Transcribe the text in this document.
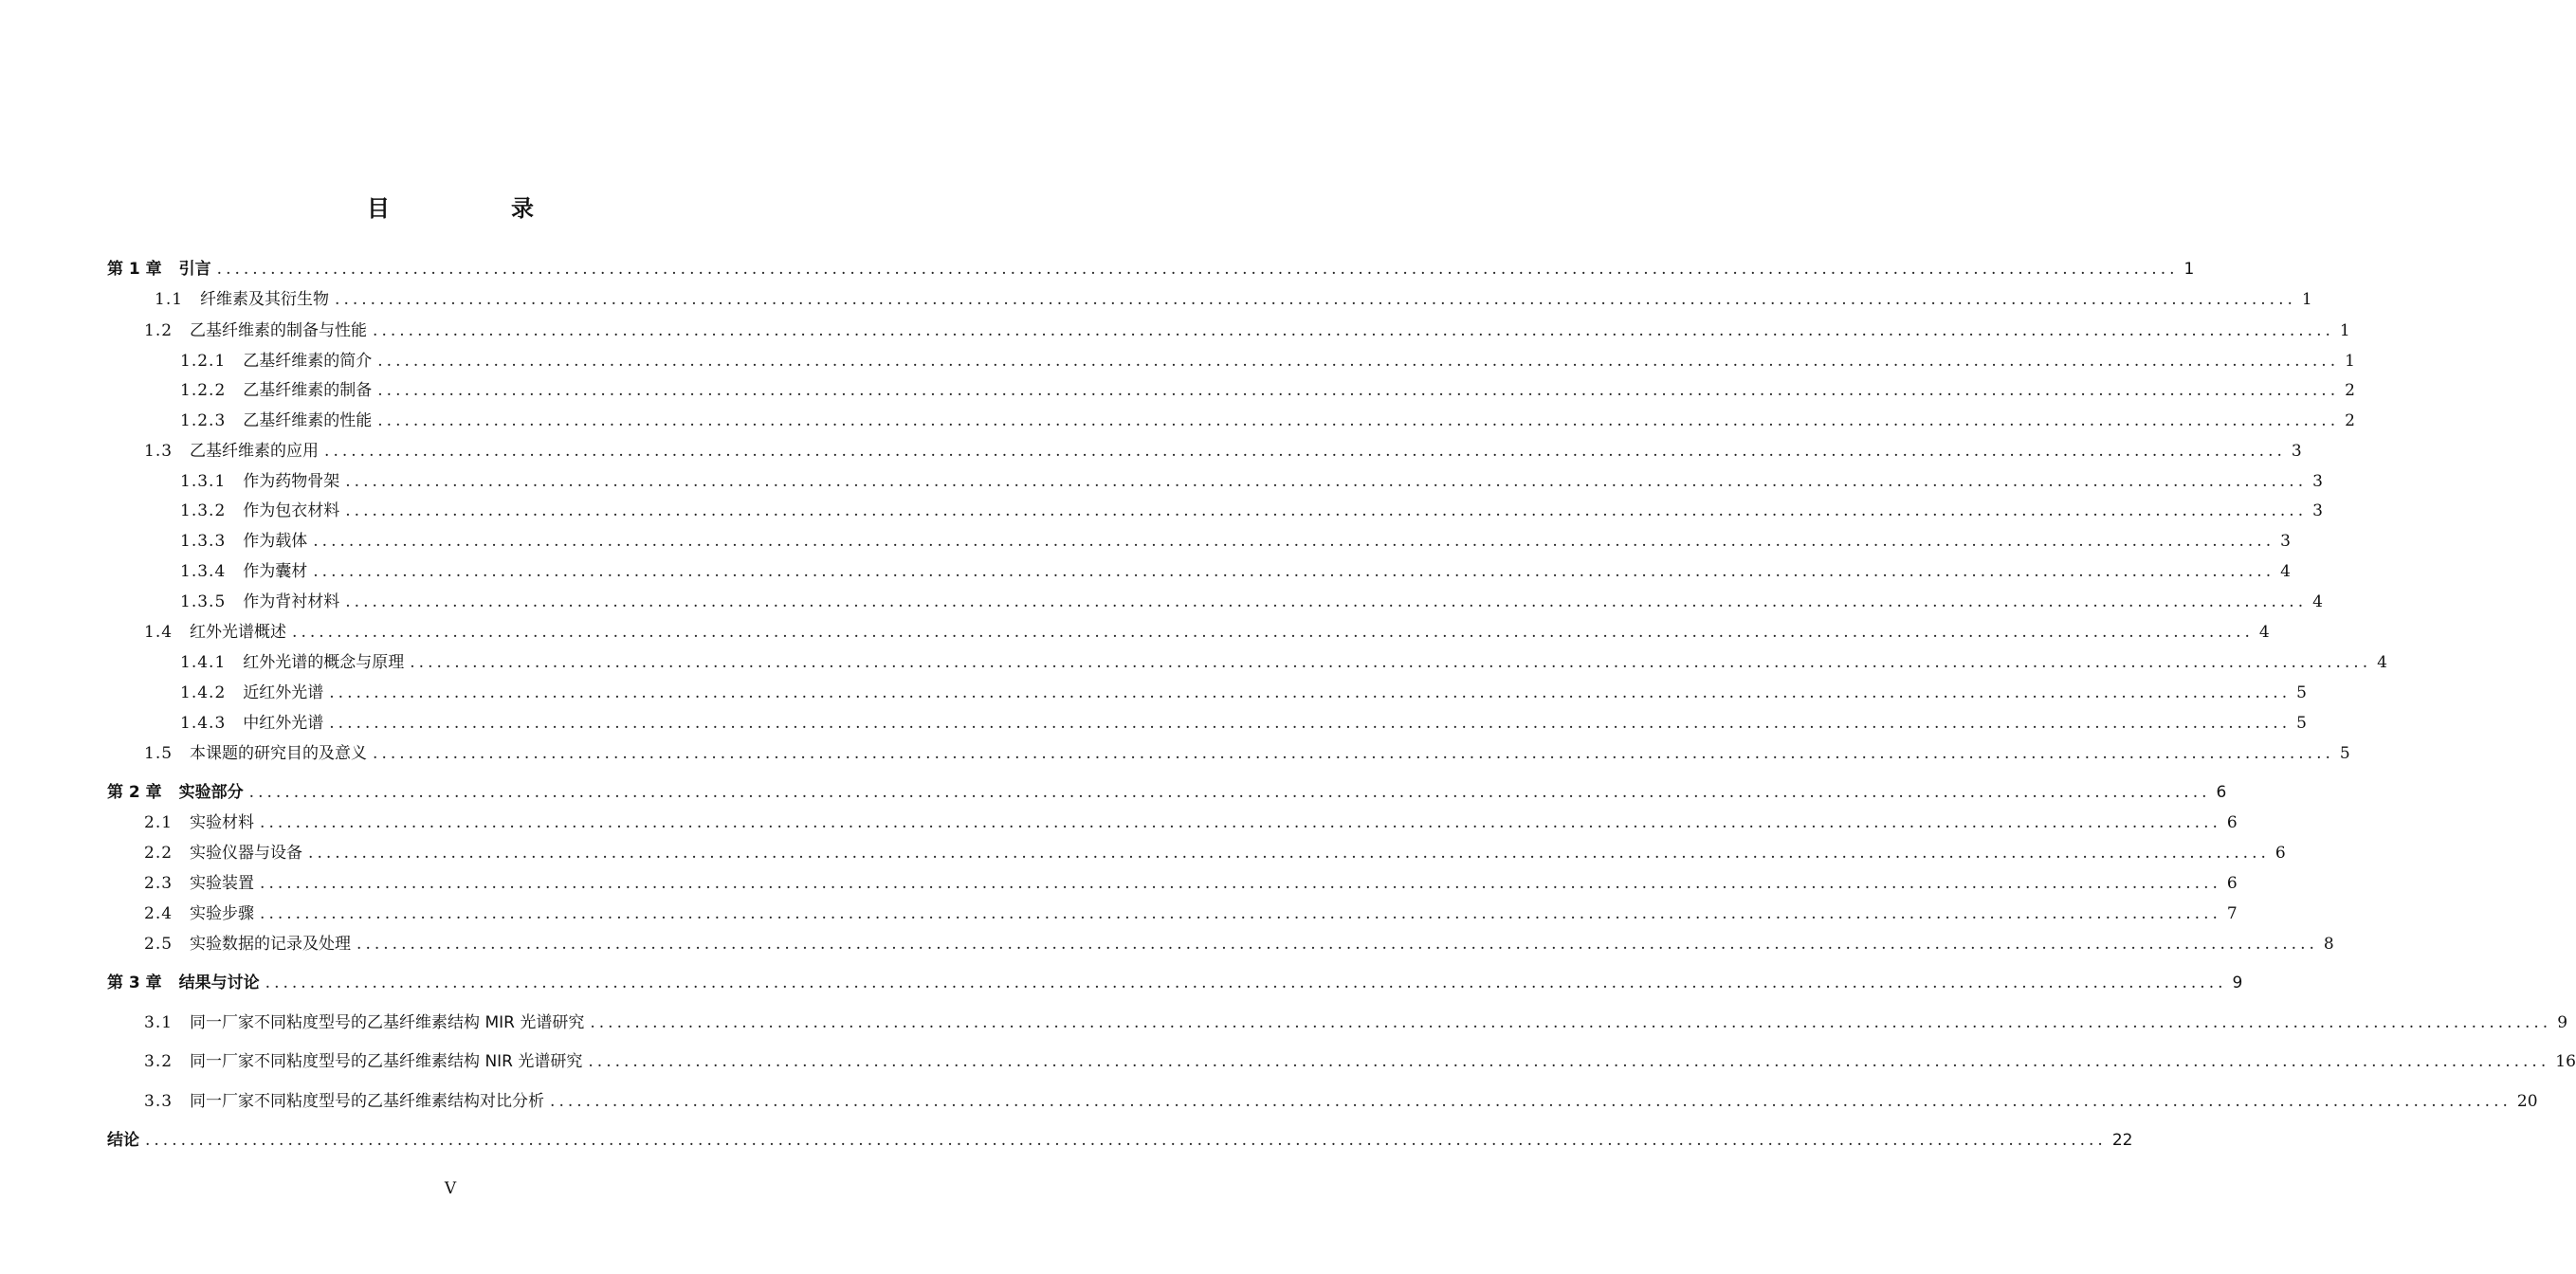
目　录
第 1 章 引言 ............................................................................................................................................................................................................................ 1
1.1 纤维素及其衍生物 ............................................................................................................................................................................................................................ 1
1.2 乙基纤维素的制备与性能 ............................................................................................................................................................................................................................ 1
1.2.1 乙基纤维素的简介 ............................................................................................................................................................................................................................ 1
1.2.2 乙基纤维素的制备 ............................................................................................................................................................................................................................ 2
1.2.3 乙基纤维素的性能 ............................................................................................................................................................................................................................ 2
1.3 乙基纤维素的应用 ............................................................................................................................................................................................................................ 3
1.3.1 作为药物骨架 ............................................................................................................................................................................................................................ 3
1.3.2 作为包衣材料 ............................................................................................................................................................................................................................ 3
1.3.3 作为载体 ............................................................................................................................................................................................................................ 3
1.3.4 作为囊材 ............................................................................................................................................................................................................................ 4
1.3.5 作为背衬材料 ............................................................................................................................................................................................................................ 4
1.4 红外光谱概述 ............................................................................................................................................................................................................................ 4
1.4.1 红外光谱的概念与原理 ............................................................................................................................................................................................................................ 4
1.4.2 近红外光谱 ............................................................................................................................................................................................................................ 5
1.4.3 中红外光谱 ............................................................................................................................................................................................................................ 5
1.5 本课题的研究目的及意义 ............................................................................................................................................................................................................................ 5
第 2 章 实验部分 ............................................................................................................................................................................................................................ 6
2.1 实验材料 ............................................................................................................................................................................................................................ 6
2.2 实验仪器与设备 ............................................................................................................................................................................................................................ 6
2.3 实验装置 ............................................................................................................................................................................................................................ 6
2.4 实验步骤 ............................................................................................................................................................................................................................ 7
2.5 实验数据的记录及处理 ............................................................................................................................................................................................................................ 8
第 3 章 结果与讨论 ............................................................................................................................................................................................................................ 9
3.1 同一厂家不同粘度型号的乙基纤维素结构 MIR 光谱研究 ............................................................................................................................................................................................................................ 9
3.2 同一厂家不同粘度型号的乙基纤维素结构 NIR 光谱研究 ............................................................................................................................................................................................................................ 16
3.3 同一厂家不同粘度型号的乙基纤维素结构对比分析 ............................................................................................................................................................................................................................ 20
结论 ............................................................................................................................................................................................................................ 22
V
